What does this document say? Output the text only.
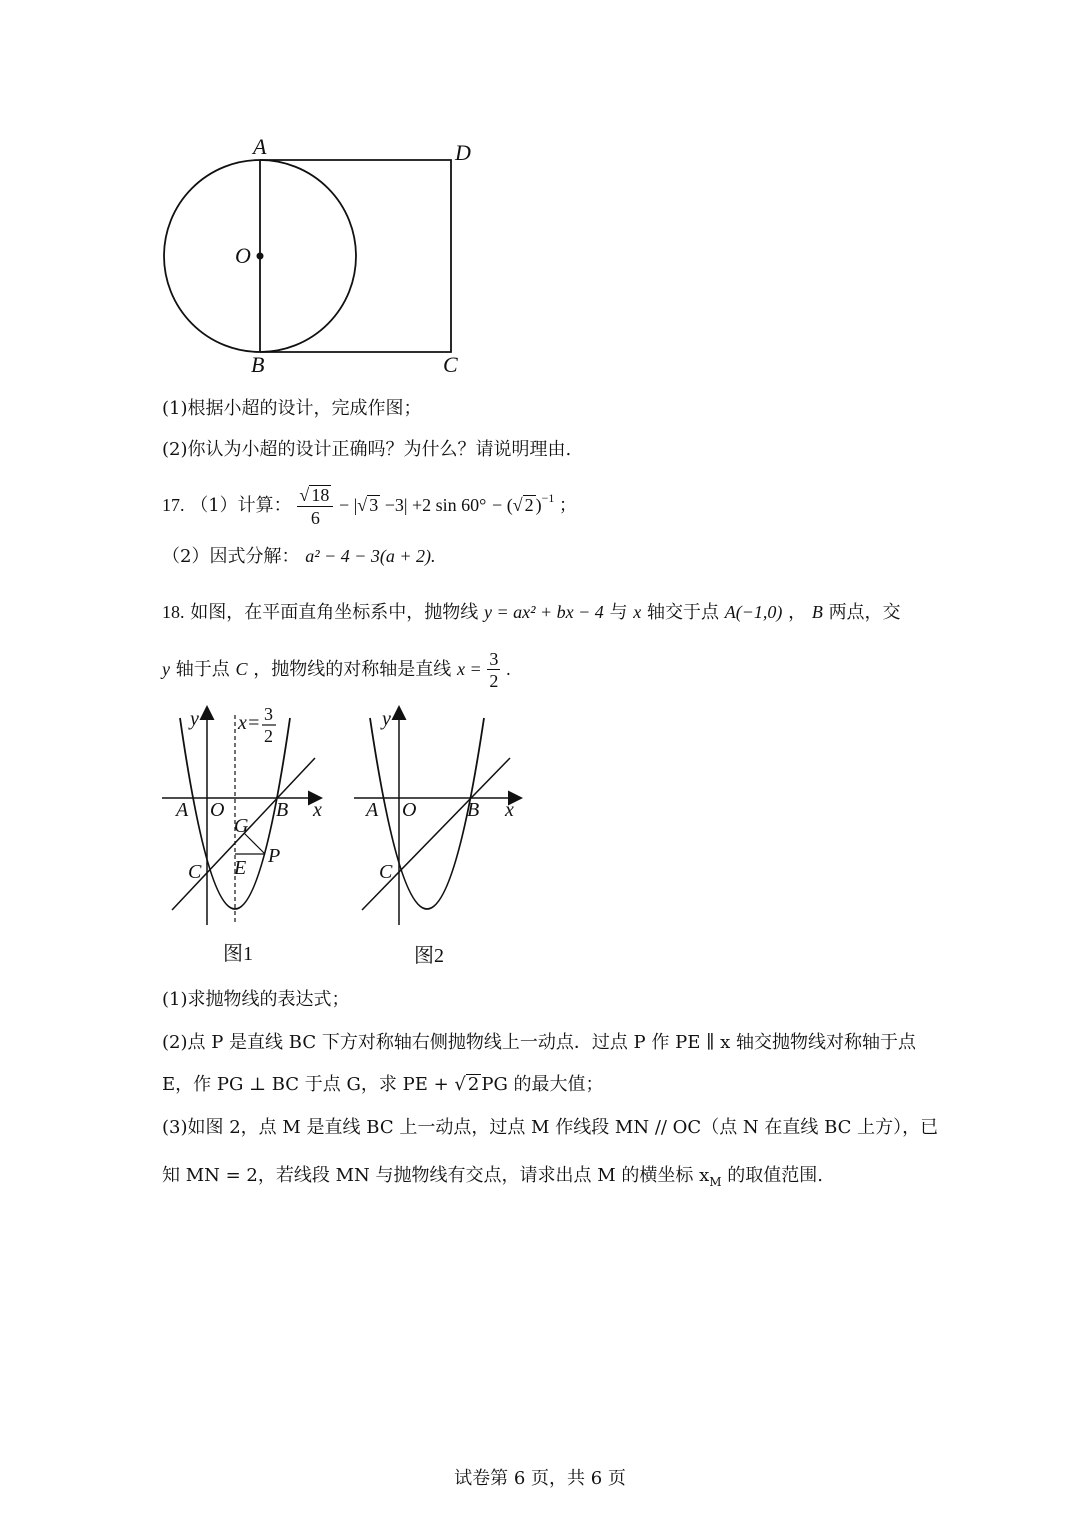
A	D
O
B	C
(1)根据小超的设计，完成作图；
(2)你认为小超的设计正确吗？为什么？请说明理由.
17. （1）计算： $\frac{√ 18}{6}$ − |√ 3 −3| +2 sin 60° − (√ 2 )$^{-1}$ ；
（2）因式分解： a² − 4 − 3(a + 2).
18. 如图，在平面直角坐标系中，抛物线 y = ax² + bx − 4 与 x 轴交于点 A(−1,0) ， B 两点，交
y 轴于点 C ，抛物线的对称轴是直线 $x = \frac{3}{2}$ .
y x= 3
2
A O	B x
G
P
E
C
图1
y
A O	B x
C
图2
(1)求抛物线的表达式；
(2)点 P 是直线 BC 下方对称轴右侧抛物线上一动点．过点 P 作 PE ∥ x 轴交抛物线对称轴于点
E，作 PG ⊥ BC 于点 G，求 PE + √ 2 PG 的最大值；
(3)如图 2，点 M 是直线 BC 上一动点，过点 M 作线段 MN // OC（点 N 在直线 BC 上方），已
知 MN = 2，若线段 MN 与抛物线有交点，请求出点 M 的横坐标 $x_M$ 的取值范围.
试卷第 6 页，共 6 页
